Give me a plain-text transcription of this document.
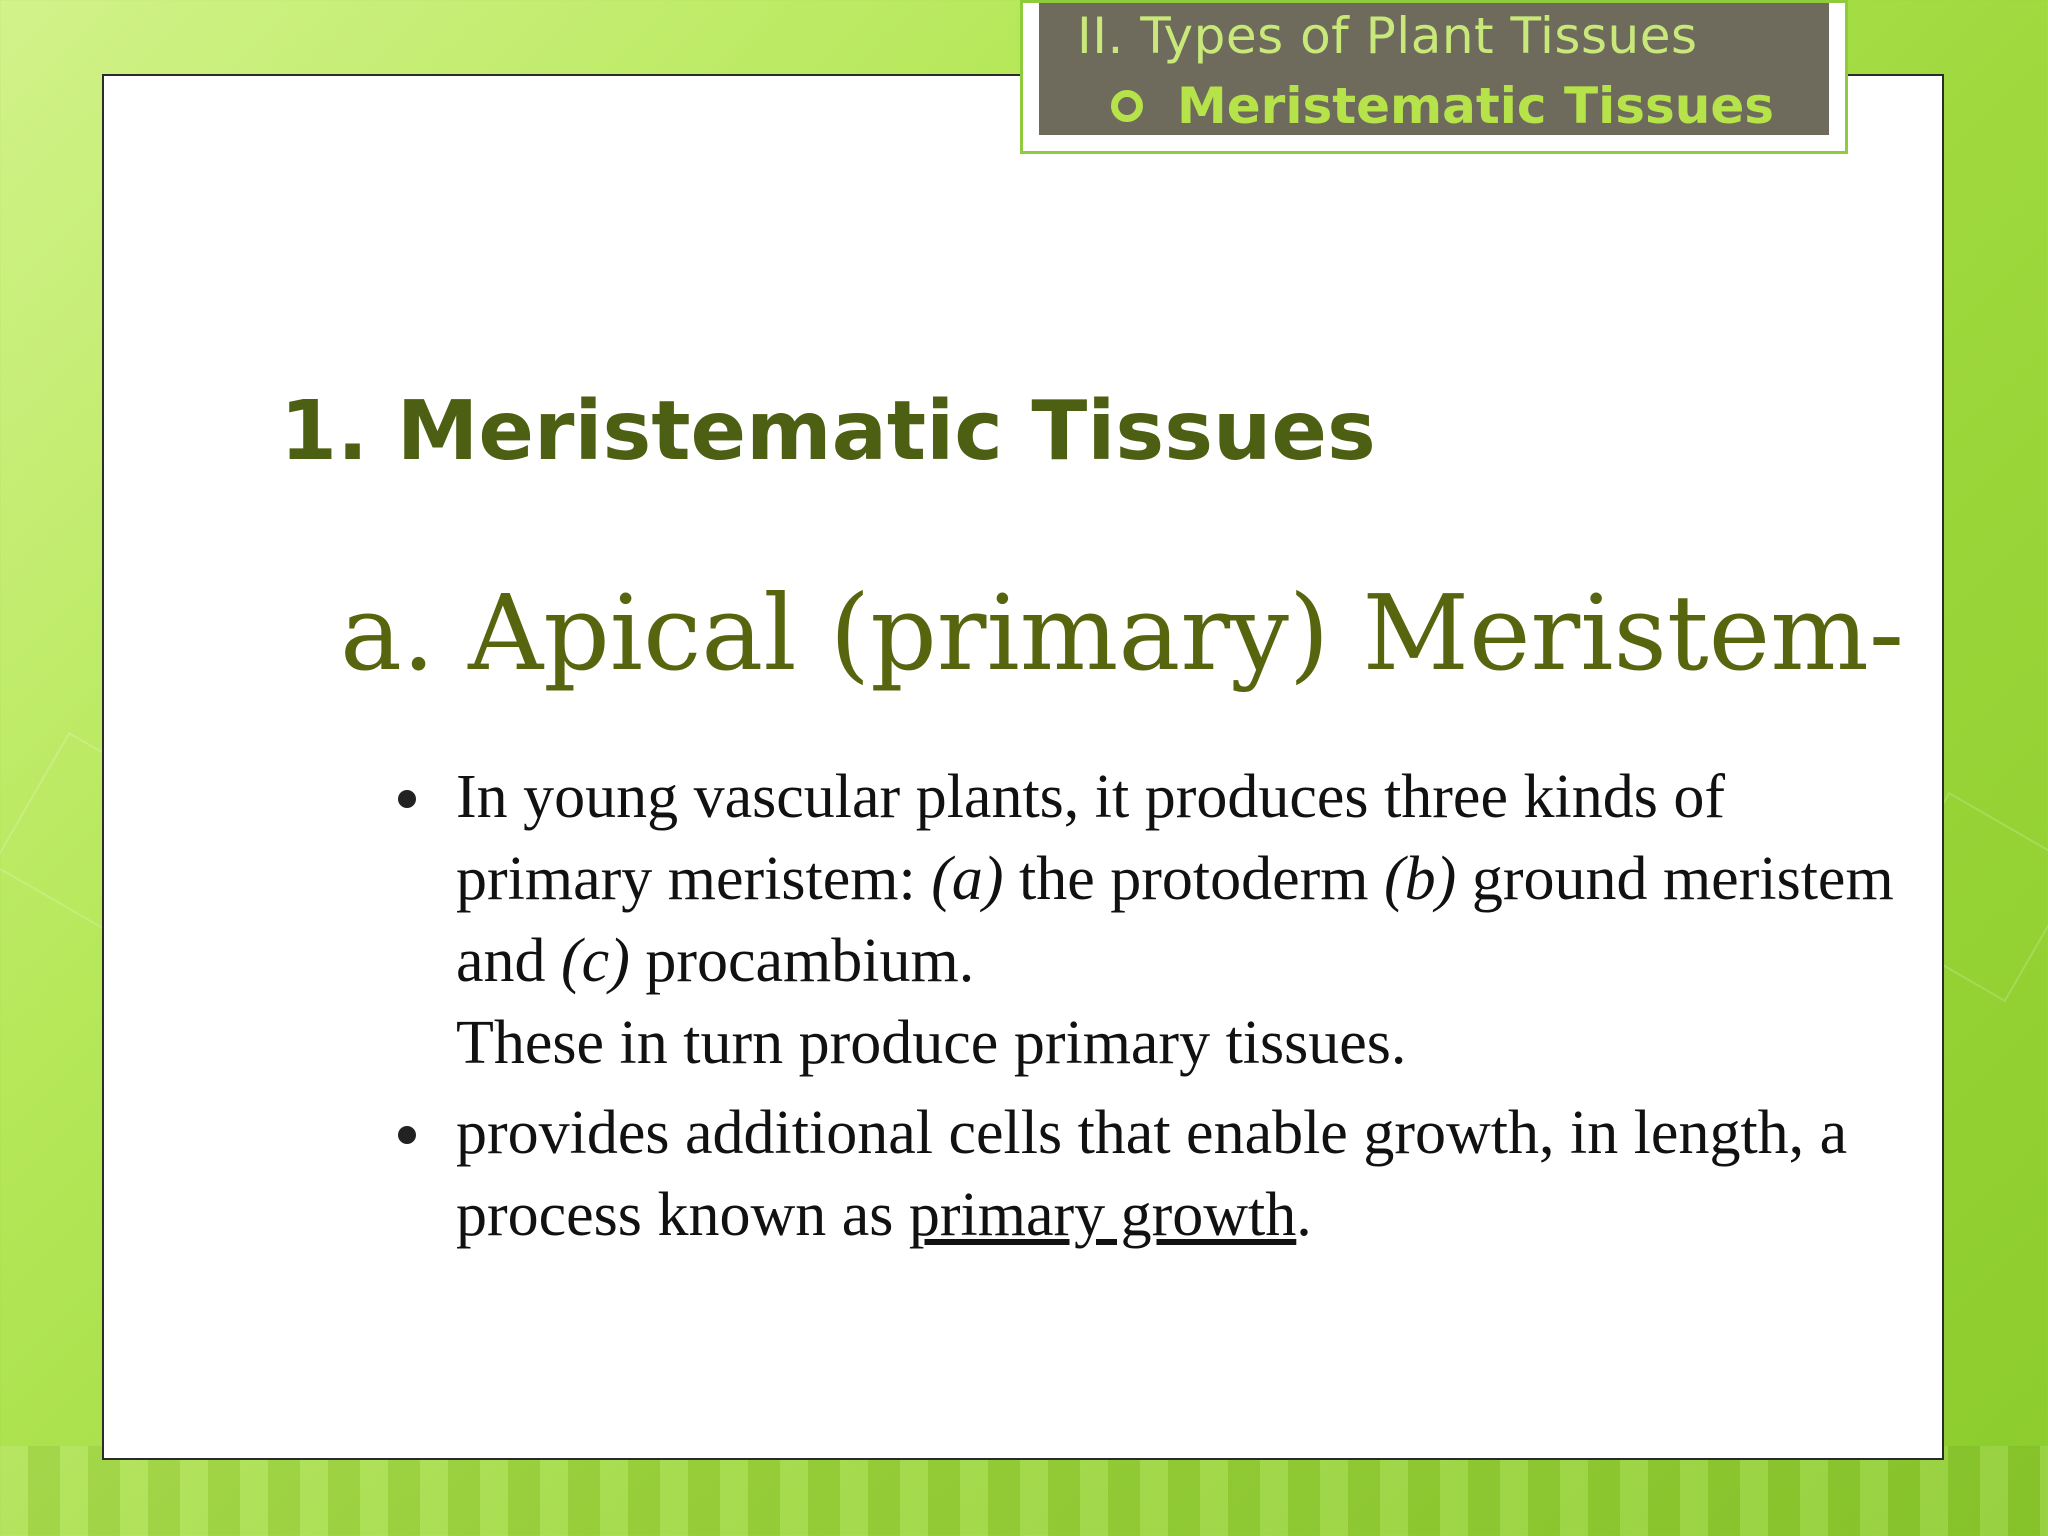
1. Meristematic Tissues
a. Apical (primary) Meristem-
In young vascular plants, it produces three kinds of primary meristem: (a) the protoderm (b) ground meristem and (c) procambium.
These in turn produce primary tissues.
provides additional cells that enable growth, in length, a process known as primary growth.
II. Types of Plant Tissues
Meristematic Tissues
